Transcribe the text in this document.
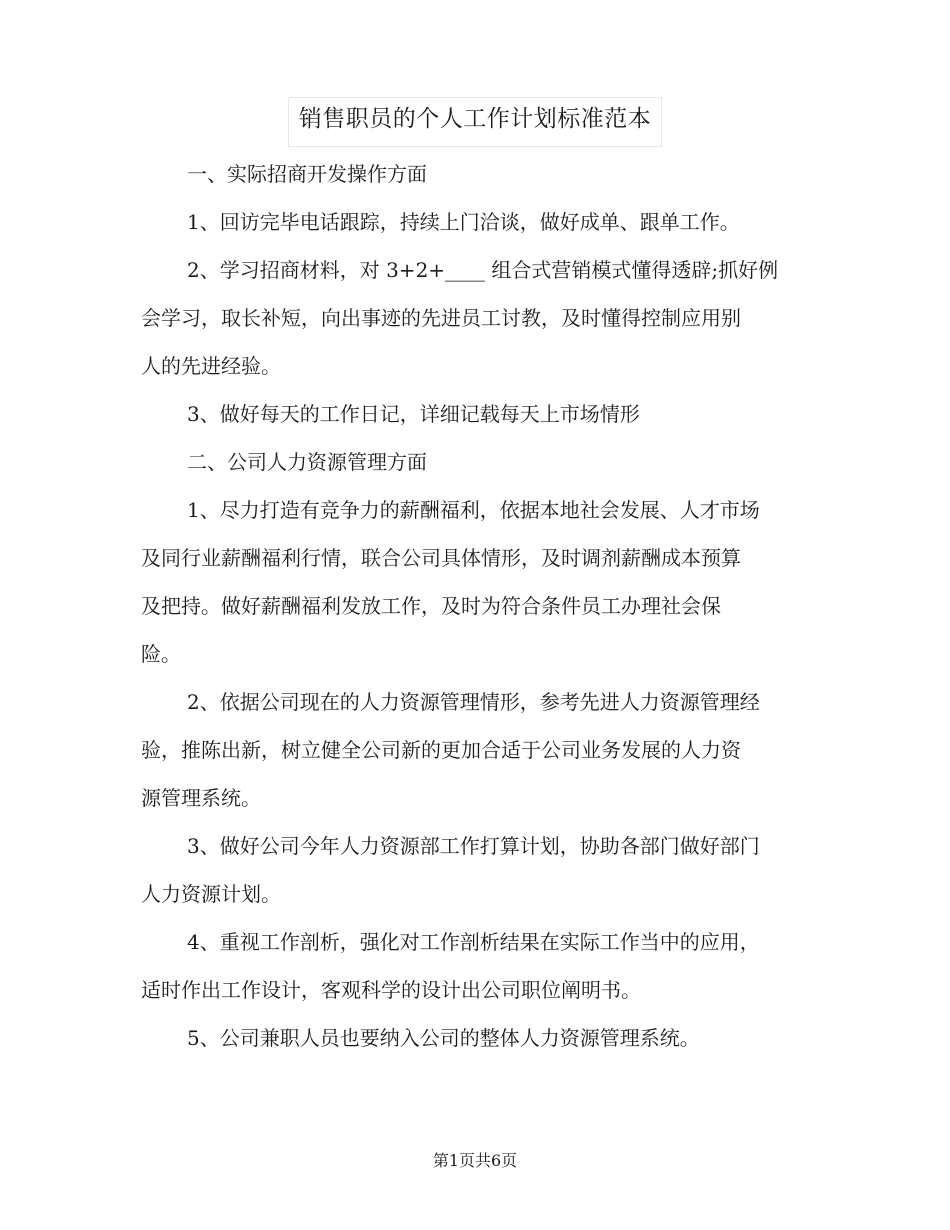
销售职员的个人工作计划标准范本
一、实际招商开发操作方面
1、回访完毕电话跟踪，持续上门洽谈，做好成单、跟单工作。
2、学习招商材料，对 3+2+____ 组合式营销模式懂得透辟;抓好例
会学习，取长补短，向出事迹的先进员工讨教，及时懂得控制应用别
人的先进经验。
3、做好每天的工作日记，详细记载每天上市场情形
二、公司人力资源管理方面
1、尽力打造有竞争力的薪酬福利，依据本地社会发展、人才市场
及同行业薪酬福利行情，联合公司具体情形，及时调剂薪酬成本预算
及把持。做好薪酬福利发放工作，及时为符合条件员工办理社会保
险。
2、依据公司现在的人力资源管理情形，参考先进人力资源管理经
验，推陈出新，树立健全公司新的更加合适于公司业务发展的人力资
源管理系统。
3、做好公司今年人力资源部工作打算计划，协助各部门做好部门
人力资源计划。
4、重视工作剖析，强化对工作剖析结果在实际工作当中的应用，
适时作出工作设计，客观科学的设计出公司职位阐明书。
5、公司兼职人员也要纳入公司的整体人力资源管理系统。
第1页共6页
